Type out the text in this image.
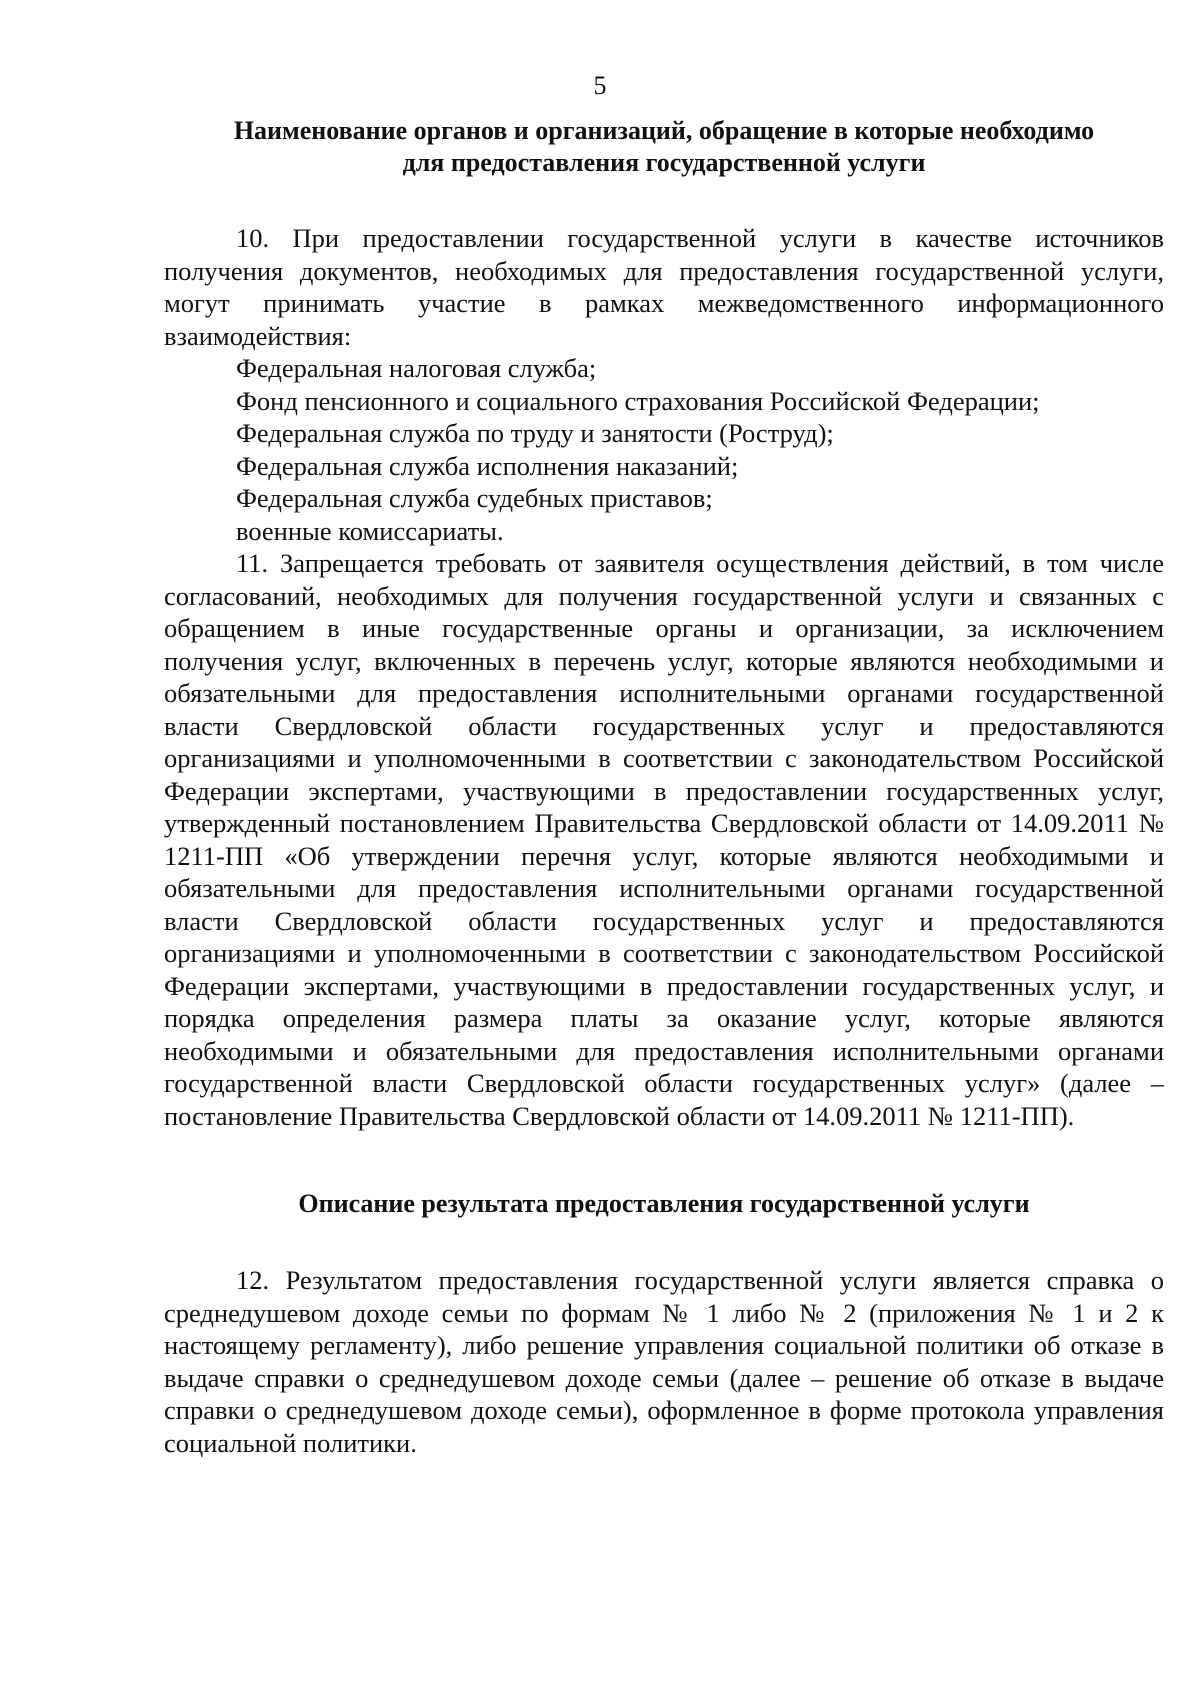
5
Наименование органов и организаций, обращение в которые необходимо
для предоставления государственной услуги

10. При предоставлении государственной услуги в качестве источников получения документов, необходимых для предоставления государственной услуги, могут принимать участие в рамках межведомственного информационного взаимодействия:

Федеральная налоговая служба;
Фонд пенсионного и социального страхования Российской Федерации;
Федеральная служба по труду и занятости (Роструд);
Федеральная служба исполнения наказаний;
Федеральная служба судебных приставов;
военные комиссариаты.

11. Запрещается требовать от заявителя осуществления действий, в том числе согласований, необходимых для получения государственной услуги и связанных с обращением в иные государственные органы и организации, за исключением получения услуг, включенных в перечень услуг, которые являются необходимыми и обязательными для предоставления исполнительными органами государственной власти Свердловской области государственных услуг и предоставляются организациями и уполномоченными в соответствии с законодательством Российской Федерации экспертами, участвующими в предоставлении государственных услуг, утвержденный постановлением Правительства Свердловской области от 14.09.2011 № 1211-ПП «Об утверждении перечня услуг, которые являются необходимыми и обязательными для предоставления исполнительными органами государственной власти Свердловской области государственных услуг и предоставляются организациями и уполномоченными в соответствии с законодательством Российской Федерации экспертами, участвующими в предоставлении государственных услуг, и порядка определения размера платы за оказание услуг, которые являются необходимыми и обязательными для предоставления исполнительными органами государственной власти Свердловской области государственных услуг» (далее – постановление Правительства Свердловской области от 14.09.2011 № 1211-ПП).

Описание результата предоставления государственной услуги

12. Результатом предоставления государственной услуги является справка о среднедушевом доходе семьи по формам № 1 либо № 2 (приложения № 1 и 2 к настоящему регламенту), либо решение управления социальной политики об отказе в выдаче справки о среднедушевом доходе семьи (далее – решение об отказе в выдаче справки о среднедушевом доходе семьи), оформленное в форме протокола управления социальной политики.
